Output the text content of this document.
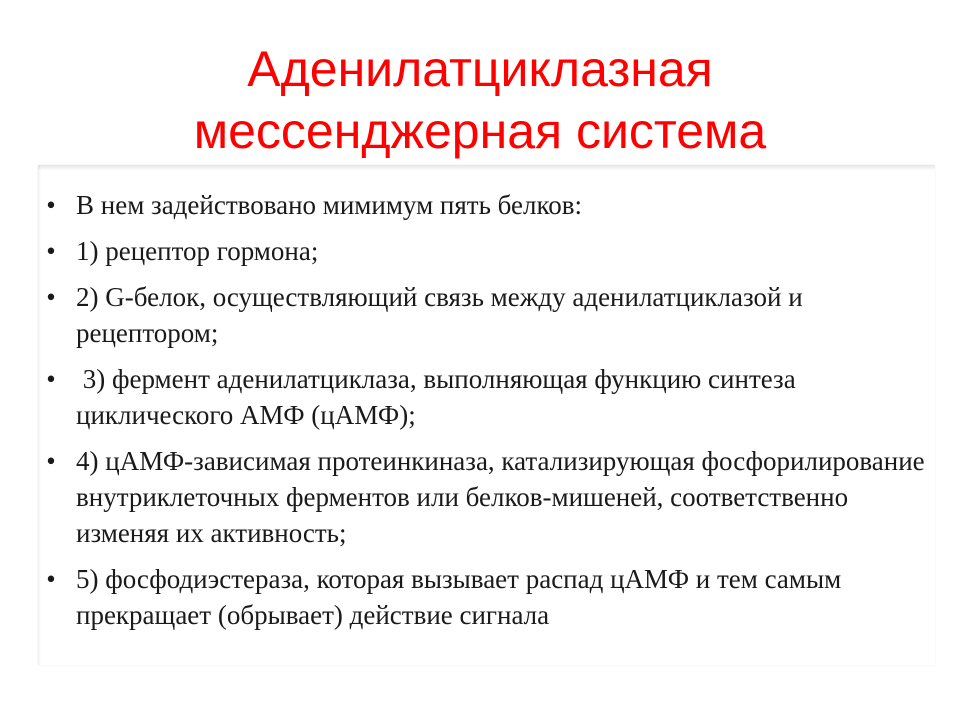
Аденилатциклазная
мессенджерная система
• В нем задействовано мимимум пять белков:
• 1) рецептор гормона;
• 2) G-белок, осуществляющий связь между аденилатциклазой и рецептором;
• 3) фермент аденилатциклаза, выполняющая функцию синтеза циклического АМФ (цАМФ);
• 4) цАМФ-зависимая протеинкиназа, катализирующая фосфорилирование внутриклеточных ферментов или белков-мишеней, соответственно изменяя их активность;
• 5) фосфодиэстераза, которая вызывает распад цАМФ и тем самым прекращает (обрывает) действие сигнала
